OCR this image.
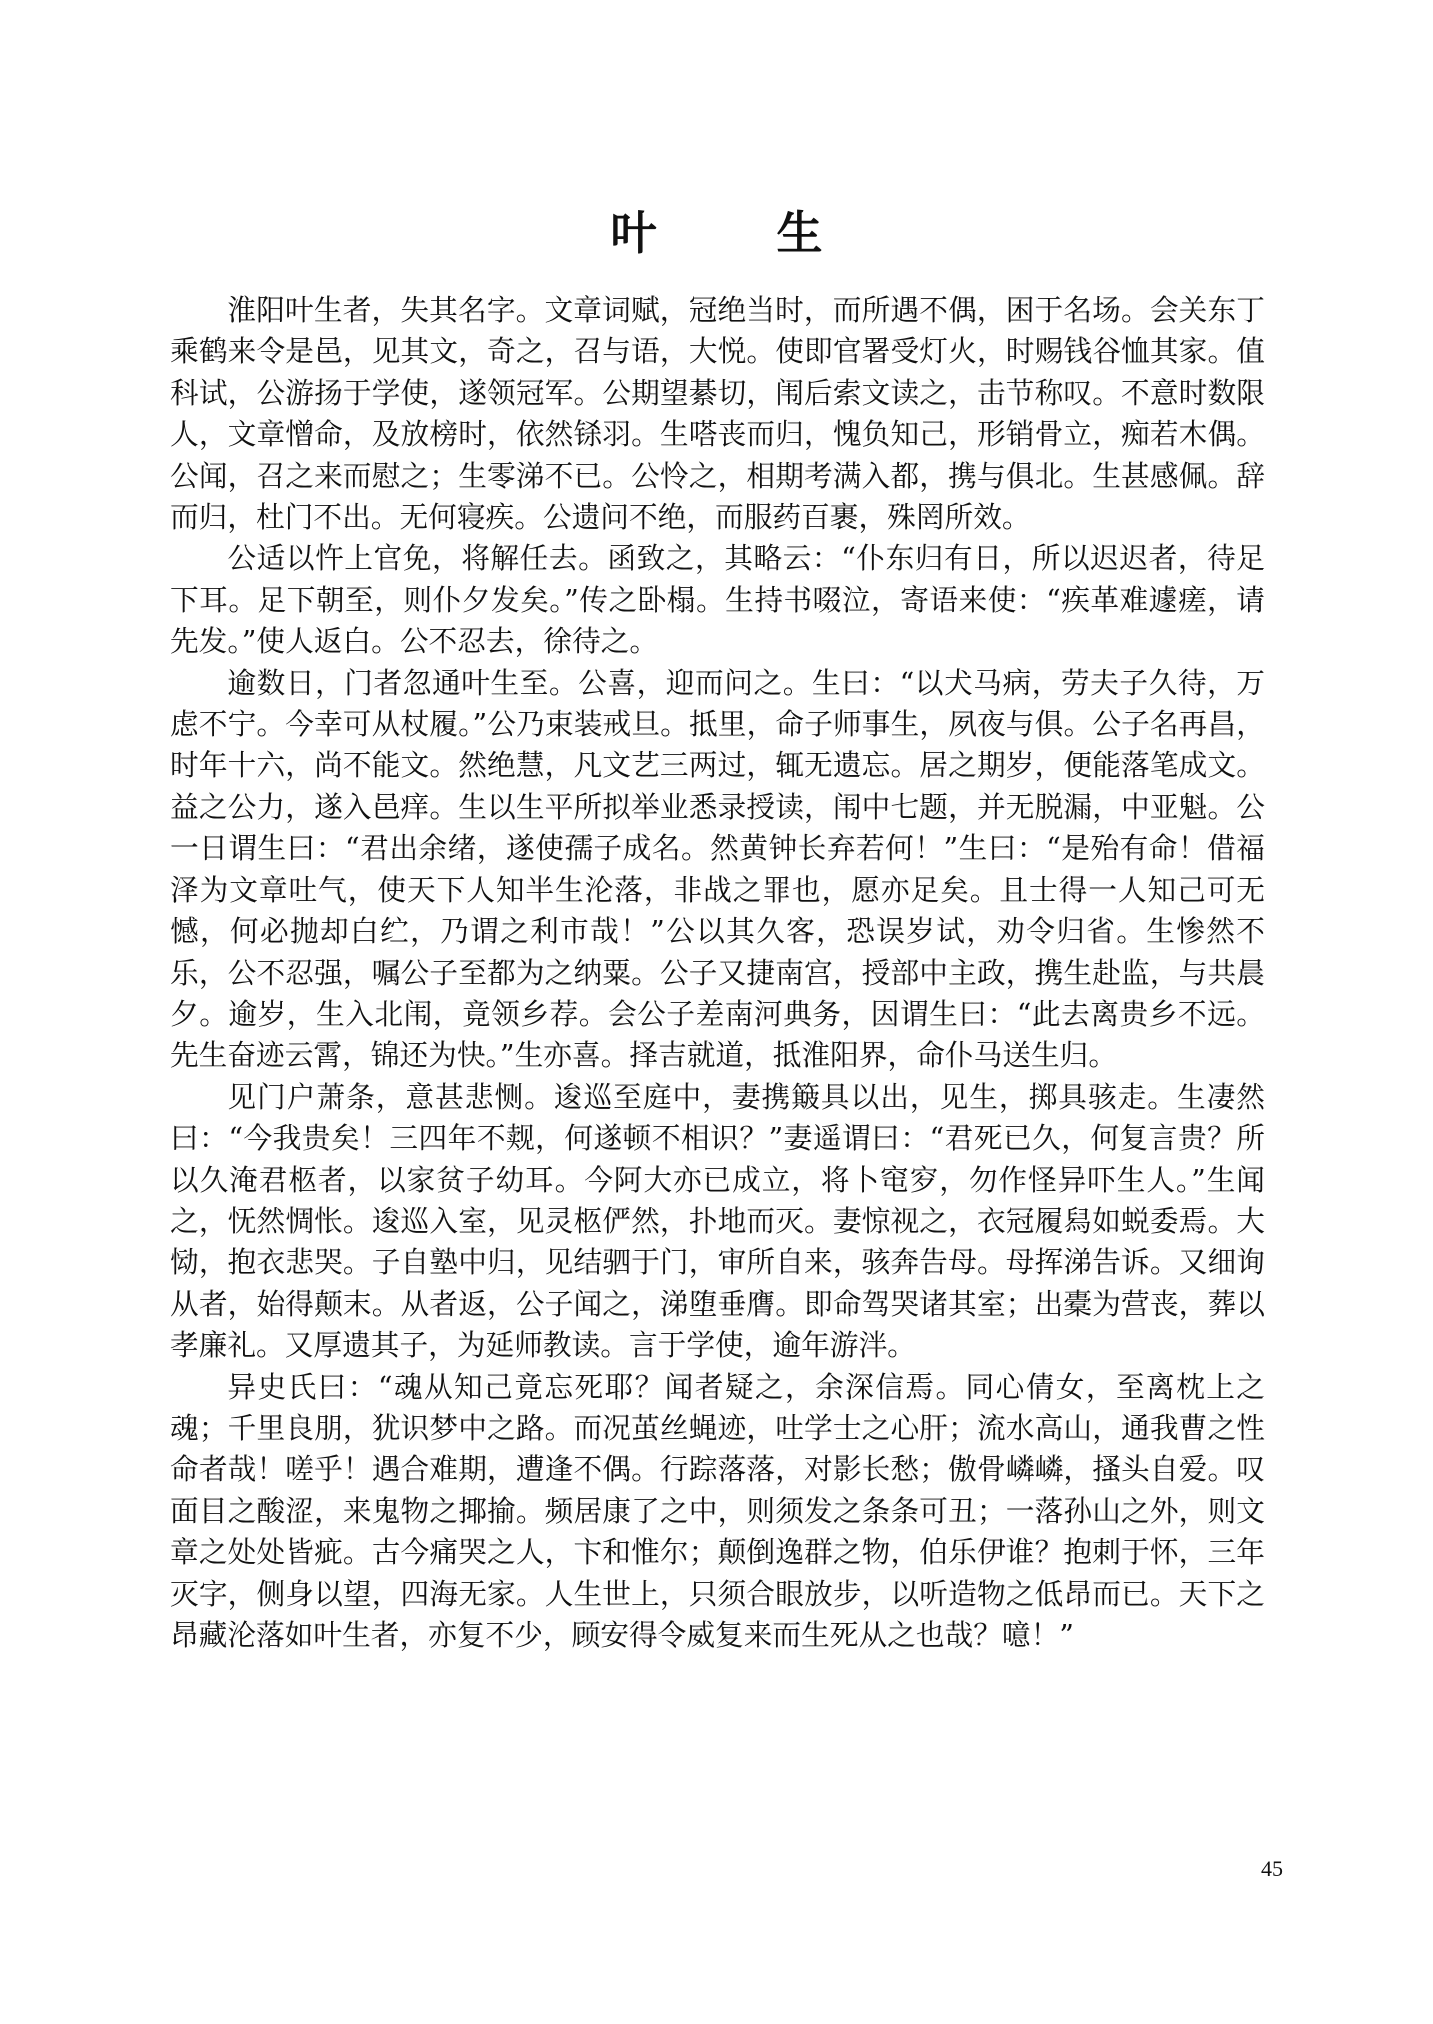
叶 生

淮阳叶生者，失其名字。文章词赋，冠绝当时，而所遇不偶，困于名场。会关东丁乘鹤来令是邑，见其文，奇之，召与语，大悦。使即官署受灯火，时赐钱谷恤其家。值科试，公游扬于学使，遂领冠军。公期望綦切，闱后索文读之，击节称叹。不意时数限人，文章憎命，及放榜时，依然铩羽。生嗒丧而归，愧负知己，形销骨立，痴若木偶。公闻，召之来而慰之；生零涕不已。公怜之，相期考满入都，携与俱北。生甚感佩。辞而归，杜门不出。无何寝疾。公遗问不绝，而服药百裹，殊罔所效。

公适以忤上官免，将解任去。函致之，其略云：“仆东归有日，所以迟迟者，待足下耳。足下朝至，则仆夕发矣。”传之卧榻。生持书啜泣，寄语来使：“疾革难遽瘥，请先发。”使人返白。公不忍去，徐待之。

逾数日，门者忽通叶生至。公喜，迎而问之。生曰：“以犬马病，劳夫子久待，万虑不宁。今幸可从杖履。”公乃束装戒旦。抵里，命子师事生，夙夜与俱。公子名再昌，时年十六，尚不能文。然绝慧，凡文艺三两过，辄无遗忘。居之期岁，便能落笔成文。益之公力，遂入邑痒。生以生平所拟举业悉录授读，闱中七题，并无脱漏，中亚魁。公一日谓生曰：“君出余绪，遂使孺子成名。然黄钟长弃若何！”生曰：“是殆有命！借福泽为文章吐气，使天下人知半生沦落，非战之罪也，愿亦足矣。且士得一人知己可无憾，何必抛却白纻，乃谓之利市哉！”公以其久客，恐误岁试，劝令归省。生惨然不乐，公不忍强，嘱公子至都为之纳粟。公子又捷南宫，授部中主政，携生赴监，与共晨夕。逾岁，生入北闱，竟领乡荐。会公子差南河典务，因谓生曰：“此去离贵乡不远。先生奋迹云霄，锦还为快。”生亦喜。择吉就道，抵淮阳界，命仆马送生归。

见门户萧条，意甚悲恻。逡巡至庭中，妻携簸具以出，见生，掷具骇走。生凄然曰：“今我贵矣！三四年不觌，何遂顿不相识？”妻遥谓曰：“君死已久，何复言贵？所以久淹君柩者，以家贫子幼耳。今阿大亦已成立，将卜窀穸，勿作怪异吓生人。”生闻之，怃然惆怅。逡巡入室，见灵柩俨然，扑地而灭。妻惊视之，衣冠履舄如蜕委焉。大恸，抱衣悲哭。子自塾中归，见结驷于门，审所自来，骇奔告母。母挥涕告诉。又细询从者，始得颠末。从者返，公子闻之，涕堕垂膺。即命驾哭诸其室；出橐为营丧，葬以孝廉礼。又厚遗其子，为延师教读。言于学使，逾年游泮。

异史氏曰：“魂从知己竟忘死耶？闻者疑之，余深信焉。同心倩女，至离枕上之魂；千里良朋，犹识梦中之路。而况茧丝蝇迹，吐学士之心肝；流水高山，通我曹之性命者哉！嗟乎！遇合难期，遭逢不偶。行踪落落，对影长愁；傲骨嶙嶙，搔头自爱。叹面目之酸涩，来鬼物之揶揄。频居康了之中，则须发之条条可丑；一落孙山之外，则文章之处处皆疵。古今痛哭之人，卞和惟尔；颠倒逸群之物，伯乐伊谁？抱刺于怀，三年灭字，侧身以望，四海无家。人生世上，只须合眼放步，以听造物之低昂而已。天下之昂藏沦落如叶生者，亦复不少，顾安得令威复来而生死从之也哉？噫！”

45
